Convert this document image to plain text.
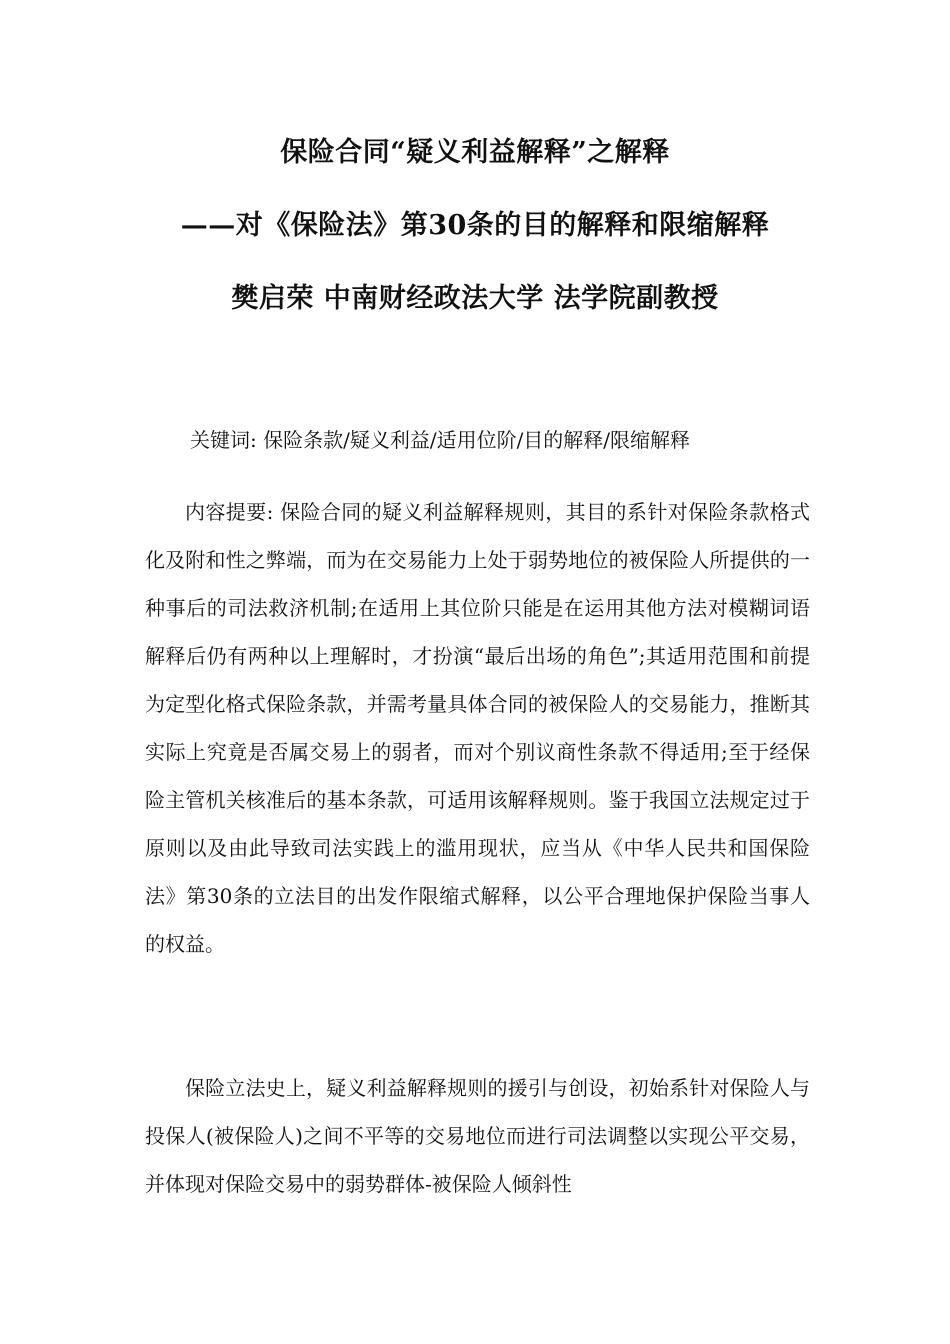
保险合同“疑义利益解释”之解释
——对《保险法》第30条的目的解释和限缩解释
樊启荣 中南财经政法大学 法学院副教授
关键词: 保险条款/疑义利益/适用位阶/目的解释/限缩解释

内容提要: 保险合同的疑义利益解释规则，其目的系针对保险条款格式化及附和性之弊端，而为在交易能力上处于弱势地位的被保险人所提供的一种事后的司法救济机制;在适用上其位阶只能是在运用其他方法对模糊词语解释后仍有两种以上理解时，才扮演“最后出场的角色”;其适用范围和前提为定型化格式保险条款，并需考量具体合同的被保险人的交易能力，推断其实际上究竟是否属交易上的弱者，而对个别议商性条款不得适用;至于经保险主管机关核准后的基本条款，可适用该解释规则。鉴于我国立法规定过于原则以及由此导致司法实践上的滥用现状，应当从《中华人民共和国保险法》第30条的立法目的出发作限缩式解释，以公平合理地保护保险当事人的权益。

保险立法史上，疑义利益解释规则的援引与创设，初始系针对保险人与投保人(被保险人)之间不平等的交易地位而进行司法调整以实现公平交易，并体现对保险交易中的弱势群体-被保险人倾斜性
